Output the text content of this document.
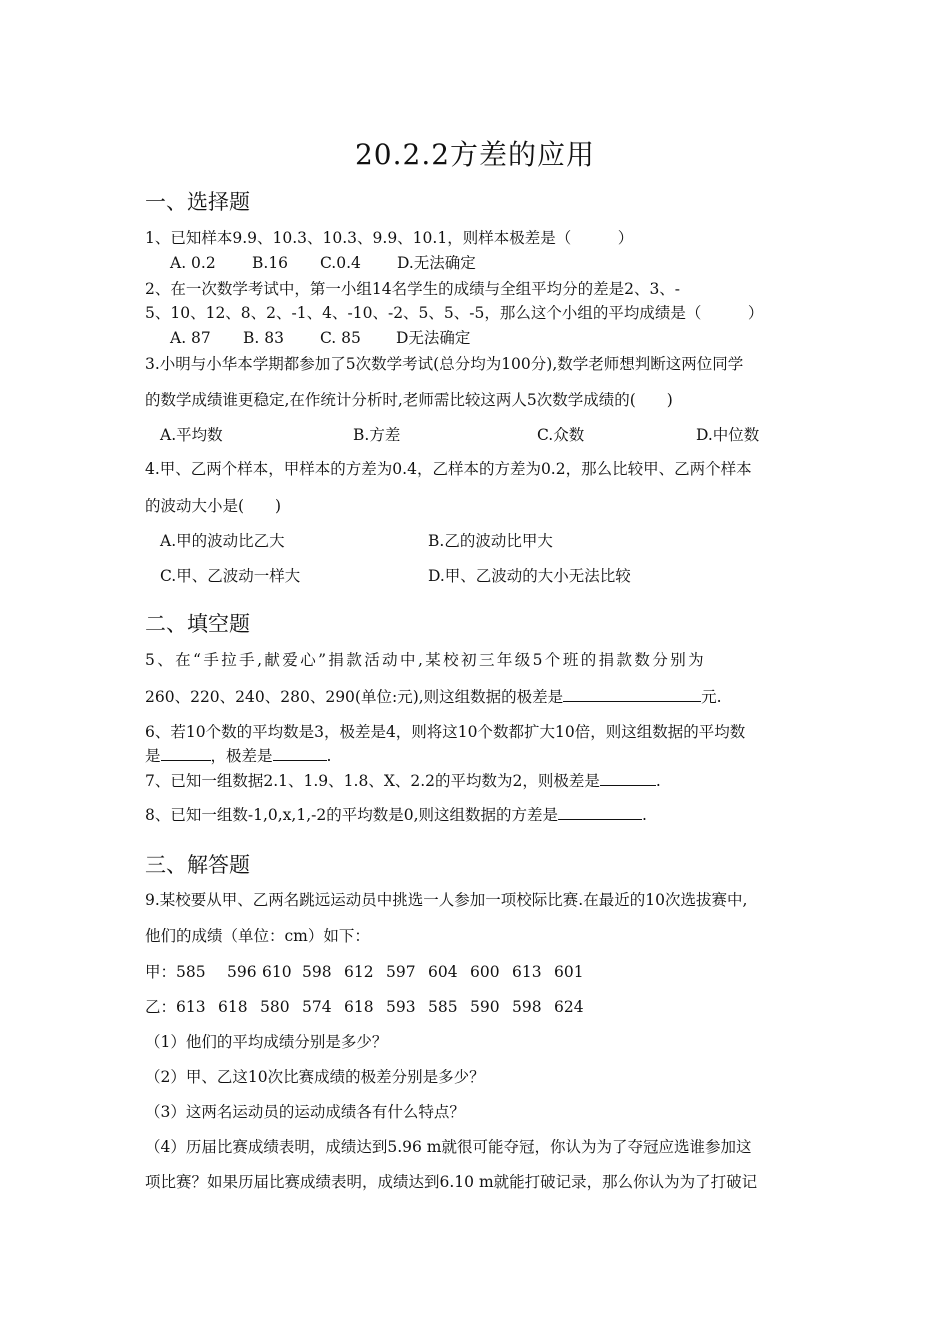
20.2.2方差的应用
一、选择题
1、已知样本9.9、10.3、10.3、9.9、10.1，则样本极差是（　　　）
A. 0.2 B.16 C.0.4 D.无法确定
2、在一次数学考试中，第一小组14名学生的成绩与全组平均分的差是2、3、-
5、10、12、8、2、-1、4、-10、-2、5、5、-5，那么这个小组的平均成绩是（　　　）
A. 87 B. 83 C. 85 D无法确定
3.小明与小华本学期都参加了5次数学考试(总分均为100分),数学老师想判断这两位同学
的数学成绩谁更稳定,在作统计分析时,老师需比较这两人5次数学成绩的(　　)
A.平均数	B.方差	C.众数	D.中位数
4.甲、乙两个样本，甲样本的方差为0.4，乙样本的方差为0.2，那么比较甲、乙两个样本
的波动大小是(　　)
A.甲的波动比乙大	B.乙的波动比甲大
C.甲、乙波动一样大	D.甲、乙波动的大小无法比较
二、填空题
5、在“手拉手,献爱心”捐款活动中,某校初三年级5个班的捐款数分别为
260、220、240、280、290(单位:元),则这组数据的极差是	元.
6、若10个数的平均数是3，极差是4，则将这10个数都扩大10倍，则这组数据的平均数
是	，极差是	.
7、已知一组数据2.1、1.9、1.8、X、2.2的平均数为2，则极差是	.
8、已知一组数-1,0,x,1,-2的平均数是0,则这组数据的方差是	.
三、解答题
9.某校要从甲、乙两名跳远运动员中挑选一人参加一项校际比赛.在最近的10次选拔赛中,
他们的成绩（单位：cm）如下：
甲：585 596 610 598 612 597 604 600 613 601
乙：613 618 580 574 618 593 585 590 598 624
（1）他们的平均成绩分别是多少？
（2）甲、乙这10次比赛成绩的极差分别是多少？
（3）这两名运动员的运动成绩各有什么特点？
（4）历届比赛成绩表明，成绩达到5.96 m就很可能夺冠，你认为为了夺冠应选谁参加这
项比赛？如果历届比赛成绩表明，成绩达到6.10 m就能打破记录，那么你认为为了打破记
